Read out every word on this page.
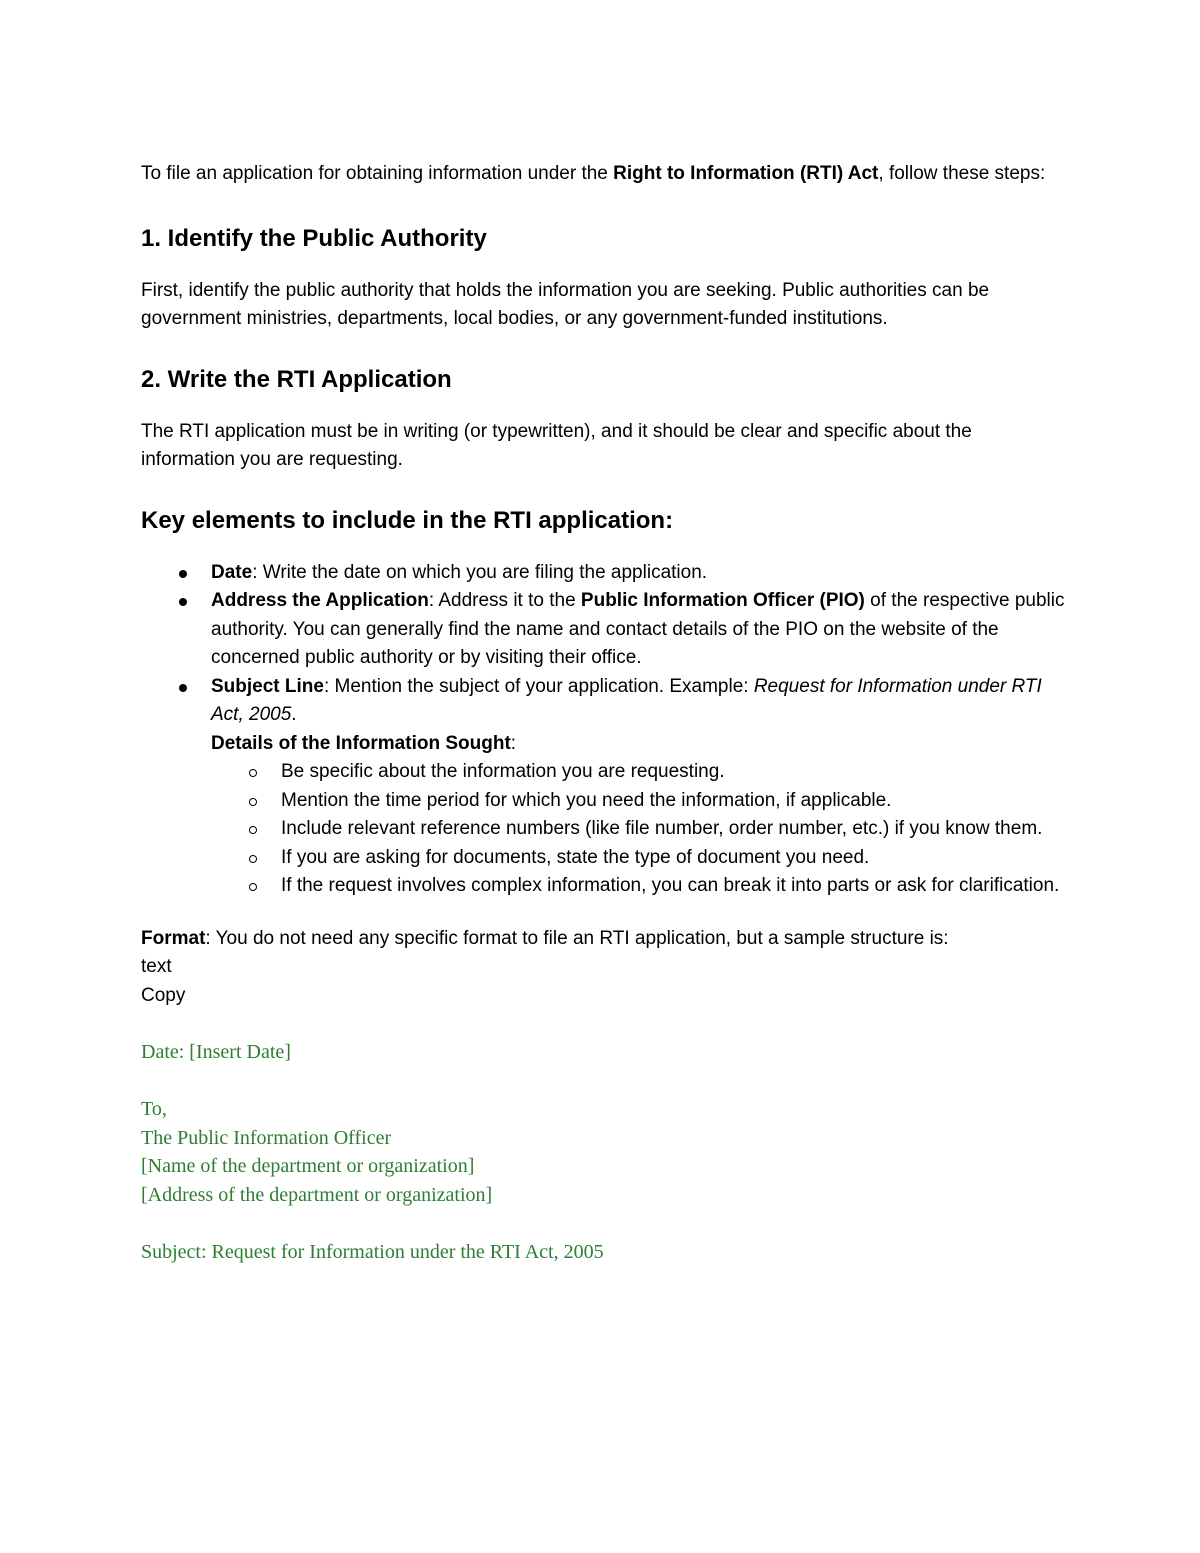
To file an application for obtaining information under the Right to Information (RTI) Act, follow these steps:

1. Identify the Public Authority

First, identify the public authority that holds the information you are seeking. Public authorities can be government ministries, departments, local bodies, or any government-funded institutions.

2. Write the RTI Application

The RTI application must be in writing (or typewritten), and it should be clear and specific about the information you are requesting.

Key elements to include in the RTI application:
Date: Write the date on which you are filing the application.
Address the Application: Address it to the Public Information Officer (PIO) of the respective public authority. You can generally find the name and contact details of the PIO on the website of the concerned public authority or by visiting their office.
Subject Line: Mention the subject of your application. Example: Request for Information under RTI Act, 2005.
Details of the Information Sought:
Be specific about the information you are requesting.
Mention the time period for which you need the information, if applicable.
Include relevant reference numbers (like file number, order number, etc.) if you know them.
If you are asking for documents, state the type of document you need.
If the request involves complex information, you can break it into parts or ask for clarification.

Format: You do not need any specific format to file an RTI application, but a sample structure is:

text

Copy

Date: [Insert Date]
To,
The Public Information Officer
[Name of the department or organization]
[Address of the department or organization]
Subject: Request for Information under the RTI Act, 2005
